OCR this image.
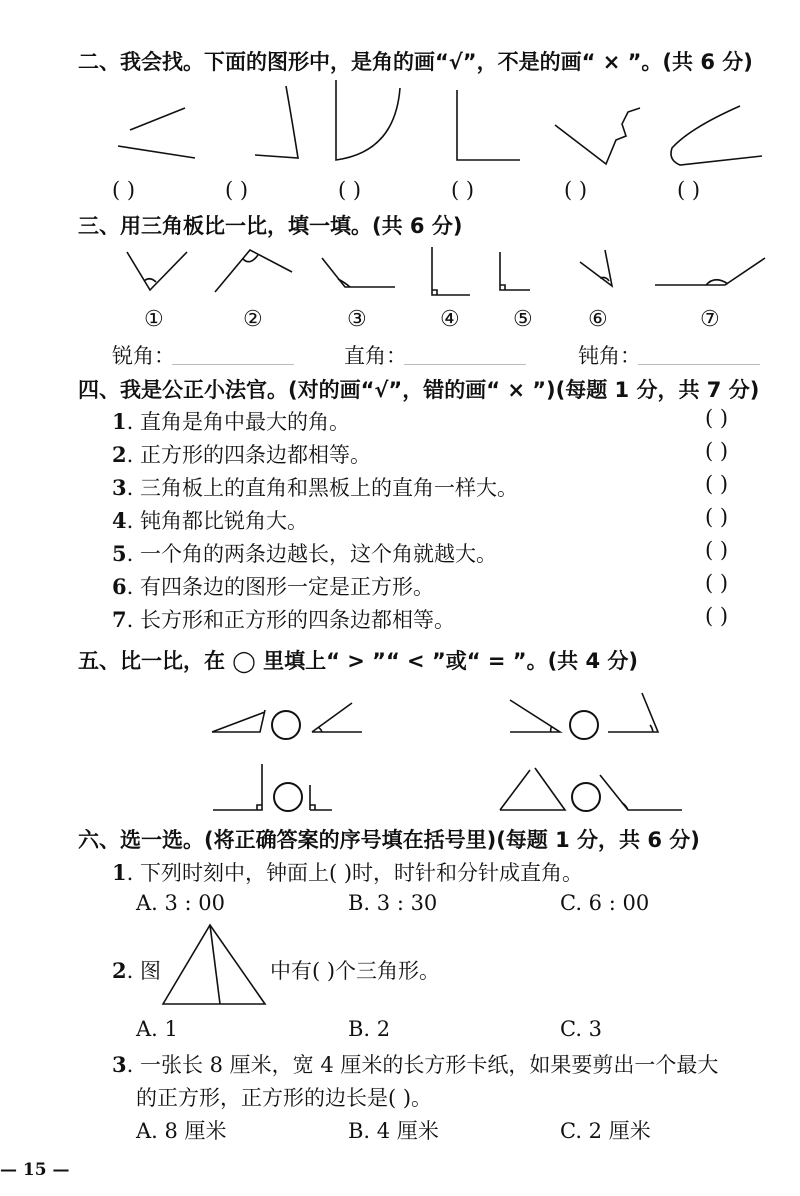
二、我会找。下面的图形中，是角的画“√”，不是的画“ × ”。(共 6 分)
( )	( )	( )	( )	( )	( )
三、用三角板比一比，填一填。(共 6 分)
①	②	③	④ ⑤	⑥	⑦
锐角：	直角：	钝角：
四、我是公正小法官。(对的画“√”，错的画“ × ”)(每题 1 分，共 7 分)
1. 直角是角中最大的角。	( )
2. 正方形的四条边都相等。	( )
3. 三角板上的直角和黑板上的直角一样大。	( )
4. 钝角都比锐角大。	( )
5. 一个角的两条边越长，这个角就越大。	( )
6. 有四条边的图形一定是正方形。	( )
7. 长方形和正方形的四条边都相等。	( )
五、比一比，在 ◯ 里填上“ > ”“ < ”或“ = ”。(共 4 分)
六、选一选。(将正确答案的序号填在括号里)(每题 1 分，共 6 分)
1. 下列时刻中，钟面上( )时，时针和分针成直角。
A. 3 : 00	B. 3 : 30	C. 6 : 00
2. 图	中有( )个三角形。
A. 1	B. 2	C. 3
3. 一张长 8 厘米，宽 4 厘米的长方形卡纸，如果要剪出一个最大
的正方形，正方形的边长是( )。
A. 8 厘米	B. 4 厘米	C. 2 厘米
— 15 —
